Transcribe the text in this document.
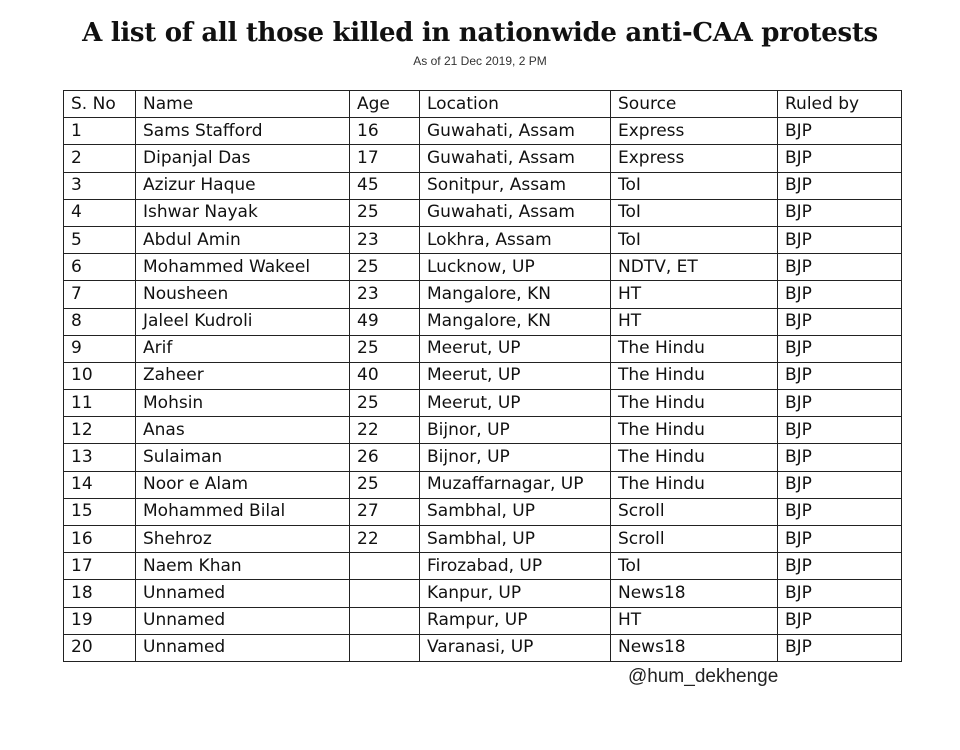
A list of all those killed in nationwide anti-CAA protests
As of 21 Dec 2019, 2 PM
S. No	Name	Age	Location	Source	Ruled by
1	Sams Stafford	16	Guwahati, Assam	Express	BJP
2	Dipanjal Das	17	Guwahati, Assam	Express	BJP
3	Azizur Haque	45	Sonitpur, Assam	ToI	BJP
4	Ishwar Nayak	25	Guwahati, Assam	ToI	BJP
5	Abdul Amin	23	Lokhra, Assam	ToI	BJP
6	Mohammed Wakeel	25	Lucknow, UP	NDTV, ET	BJP
7	Nousheen	23	Mangalore, KN	HT	BJP
8	Jaleel Kudroli	49	Mangalore, KN	HT	BJP
9	Arif	25	Meerut, UP	The Hindu	BJP
10	Zaheer	40	Meerut, UP	The Hindu	BJP
11	Mohsin	25	Meerut, UP	The Hindu	BJP
12	Anas	22	Bijnor, UP	The Hindu	BJP
13	Sulaiman	26	Bijnor, UP	The Hindu	BJP
14	Noor e Alam	25	Muzaffarnagar, UP	The Hindu	BJP
15	Mohammed Bilal	27	Sambhal, UP	Scroll	BJP
16	Shehroz	22	Sambhal, UP	Scroll	BJP
17	Naem Khan		Firozabad, UP	ToI	BJP
18	Unnamed		Kanpur, UP	News18	BJP
19	Unnamed		Rampur, UP	HT	BJP
20	Unnamed		Varanasi, UP	News18	BJP
@hum_dekhenge
